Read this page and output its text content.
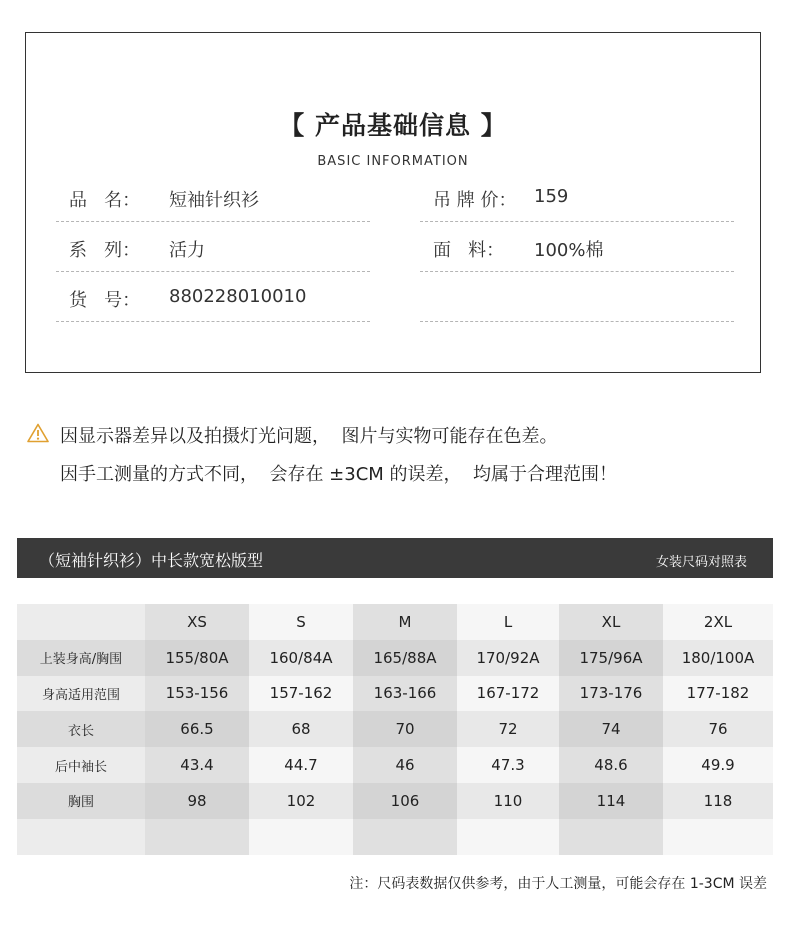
【 产品基础信息 】
BASIC INFORMATION
品   名： 短袖针织衫	吊 牌 价： 159
系   列： 活力	面   料： 100%棉
货   号： 880228010010
因显示器差异以及拍摄灯光问题，  图片与实物可能存在色差。
因手工测量的方式不同，  会存在 ±3CM 的误差，  均属于合理范围！
（短袖针织衫）中长款宽松版型	女装尺码对照表
	XS	S	M	L	XL	2XL
上装身高/胸围	155/80A	160/84A	165/88A	170/92A	175/96A	180/100A
身高适用范围	153-156	157-162	163-166	167-172	173-176	177-182
衣长	66.5	68	70	72	74	76
后中袖长	43.4	44.7	46	47.3	48.6	49.9
胸围	98	102	106	110	114	118

注：尺码表数据仅供参考，由于人工测量，可能会存在 1-3CM 误差
